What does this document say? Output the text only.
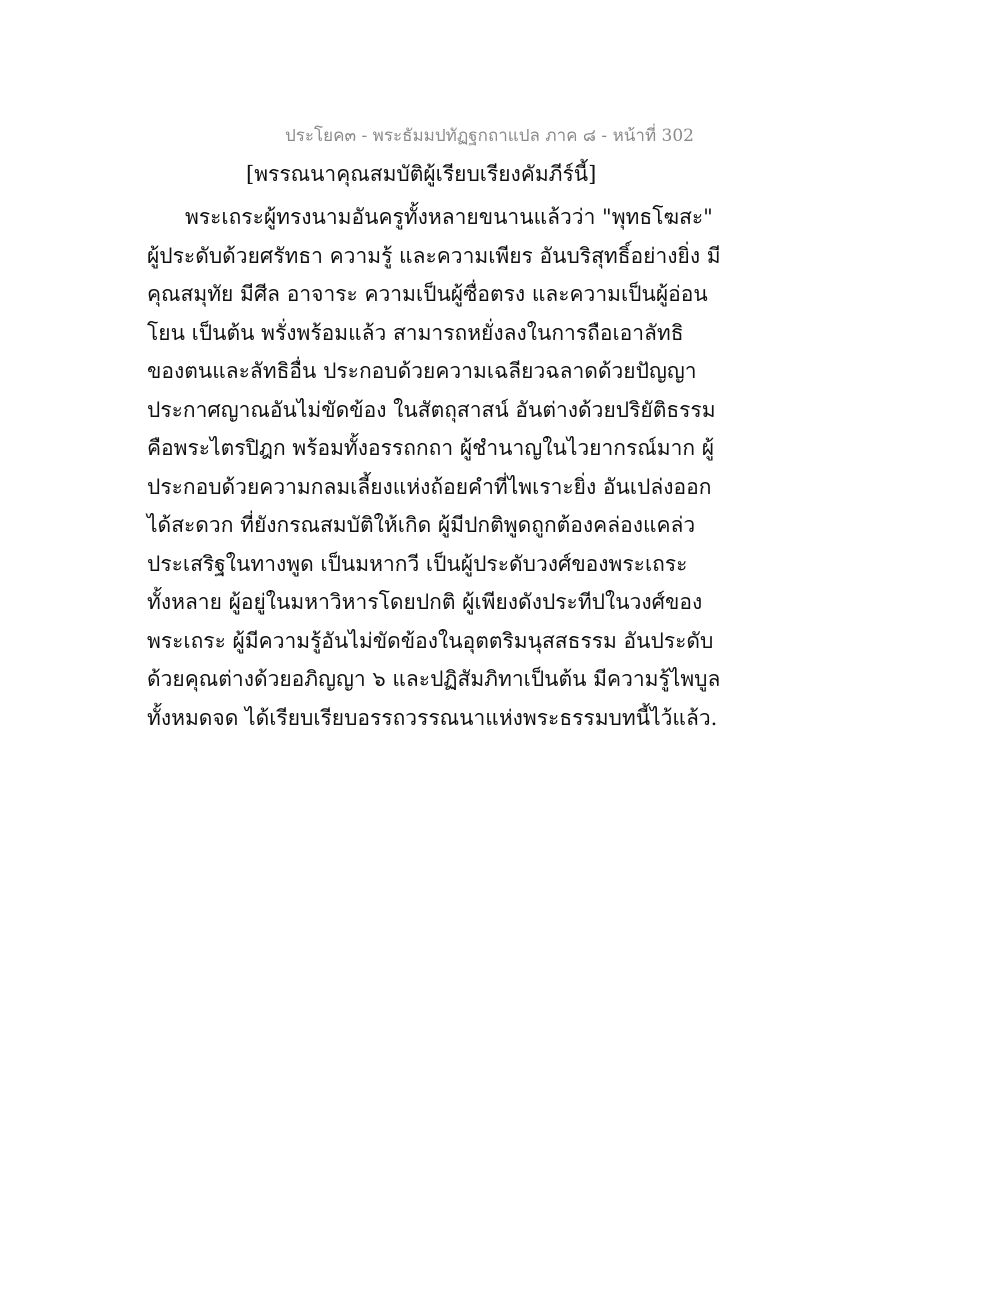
ประโยค๓ - พระธัมมปทัฏฐกถาแปล ภาค ๘ - หน้าที่ 302
[พรรณนาคุณสมบัติผู้เรียบเรียงคัมภีร์นี้]
พระเถระผู้ทรงนามอันครูทั้งหลายขนานแล้วว่า "พุทธโฆสะ"
ผู้ประดับด้วยศรัทธา ความรู้ และความเพียร อันบริสุทธิ์อย่างยิ่ง มี
คุณสมุทัย มีศีล อาจาระ ความเป็นผู้ซื่อตรง และความเป็นผู้อ่อน
โยน เป็นต้น พรั่งพร้อมแล้ว สามารถหยั่งลงในการถือเอาลัทธิ
ของตนและลัทธิอื่น ประกอบด้วยความเฉลียวฉลาดด้วยปัญญา
ประกาศญาณอันไม่ขัดข้อง ในสัตถุสาสน์ อันต่างด้วยปริยัติธรรม
คือพระไตรปิฎก พร้อมทั้งอรรถกถา ผู้ชำนาญในไวยากรณ์มาก ผู้
ประกอบด้วยความกลมเลี้ยงแห่งถ้อยคำที่ไพเราะยิ่ง อันเปล่งออก
ได้สะดวก ที่ยังกรณสมบัติให้เกิด ผู้มีปกติพูดถูกต้องคล่องแคล่ว
ประเสริฐในทางพูด เป็นมหากวี เป็นผู้ประดับวงศ์ของพระเถระ
ทั้งหลาย ผู้อยู่ในมหาวิหารโดยปกติ ผู้เพียงดังประทีปในวงศ์ของ
พระเถระ ผู้มีความรู้อันไม่ขัดข้องในอุตตริมนุสสธรรม อันประดับ
ด้วยคุณต่างด้วยอภิญญา ๖ และปฏิสัมภิทาเป็นต้น มีความรู้ไพบูล
ทั้งหมดจด ได้เรียบเรียบอรรถวรรณนาแห่งพระธรรมบทนี้ไว้แล้ว.
